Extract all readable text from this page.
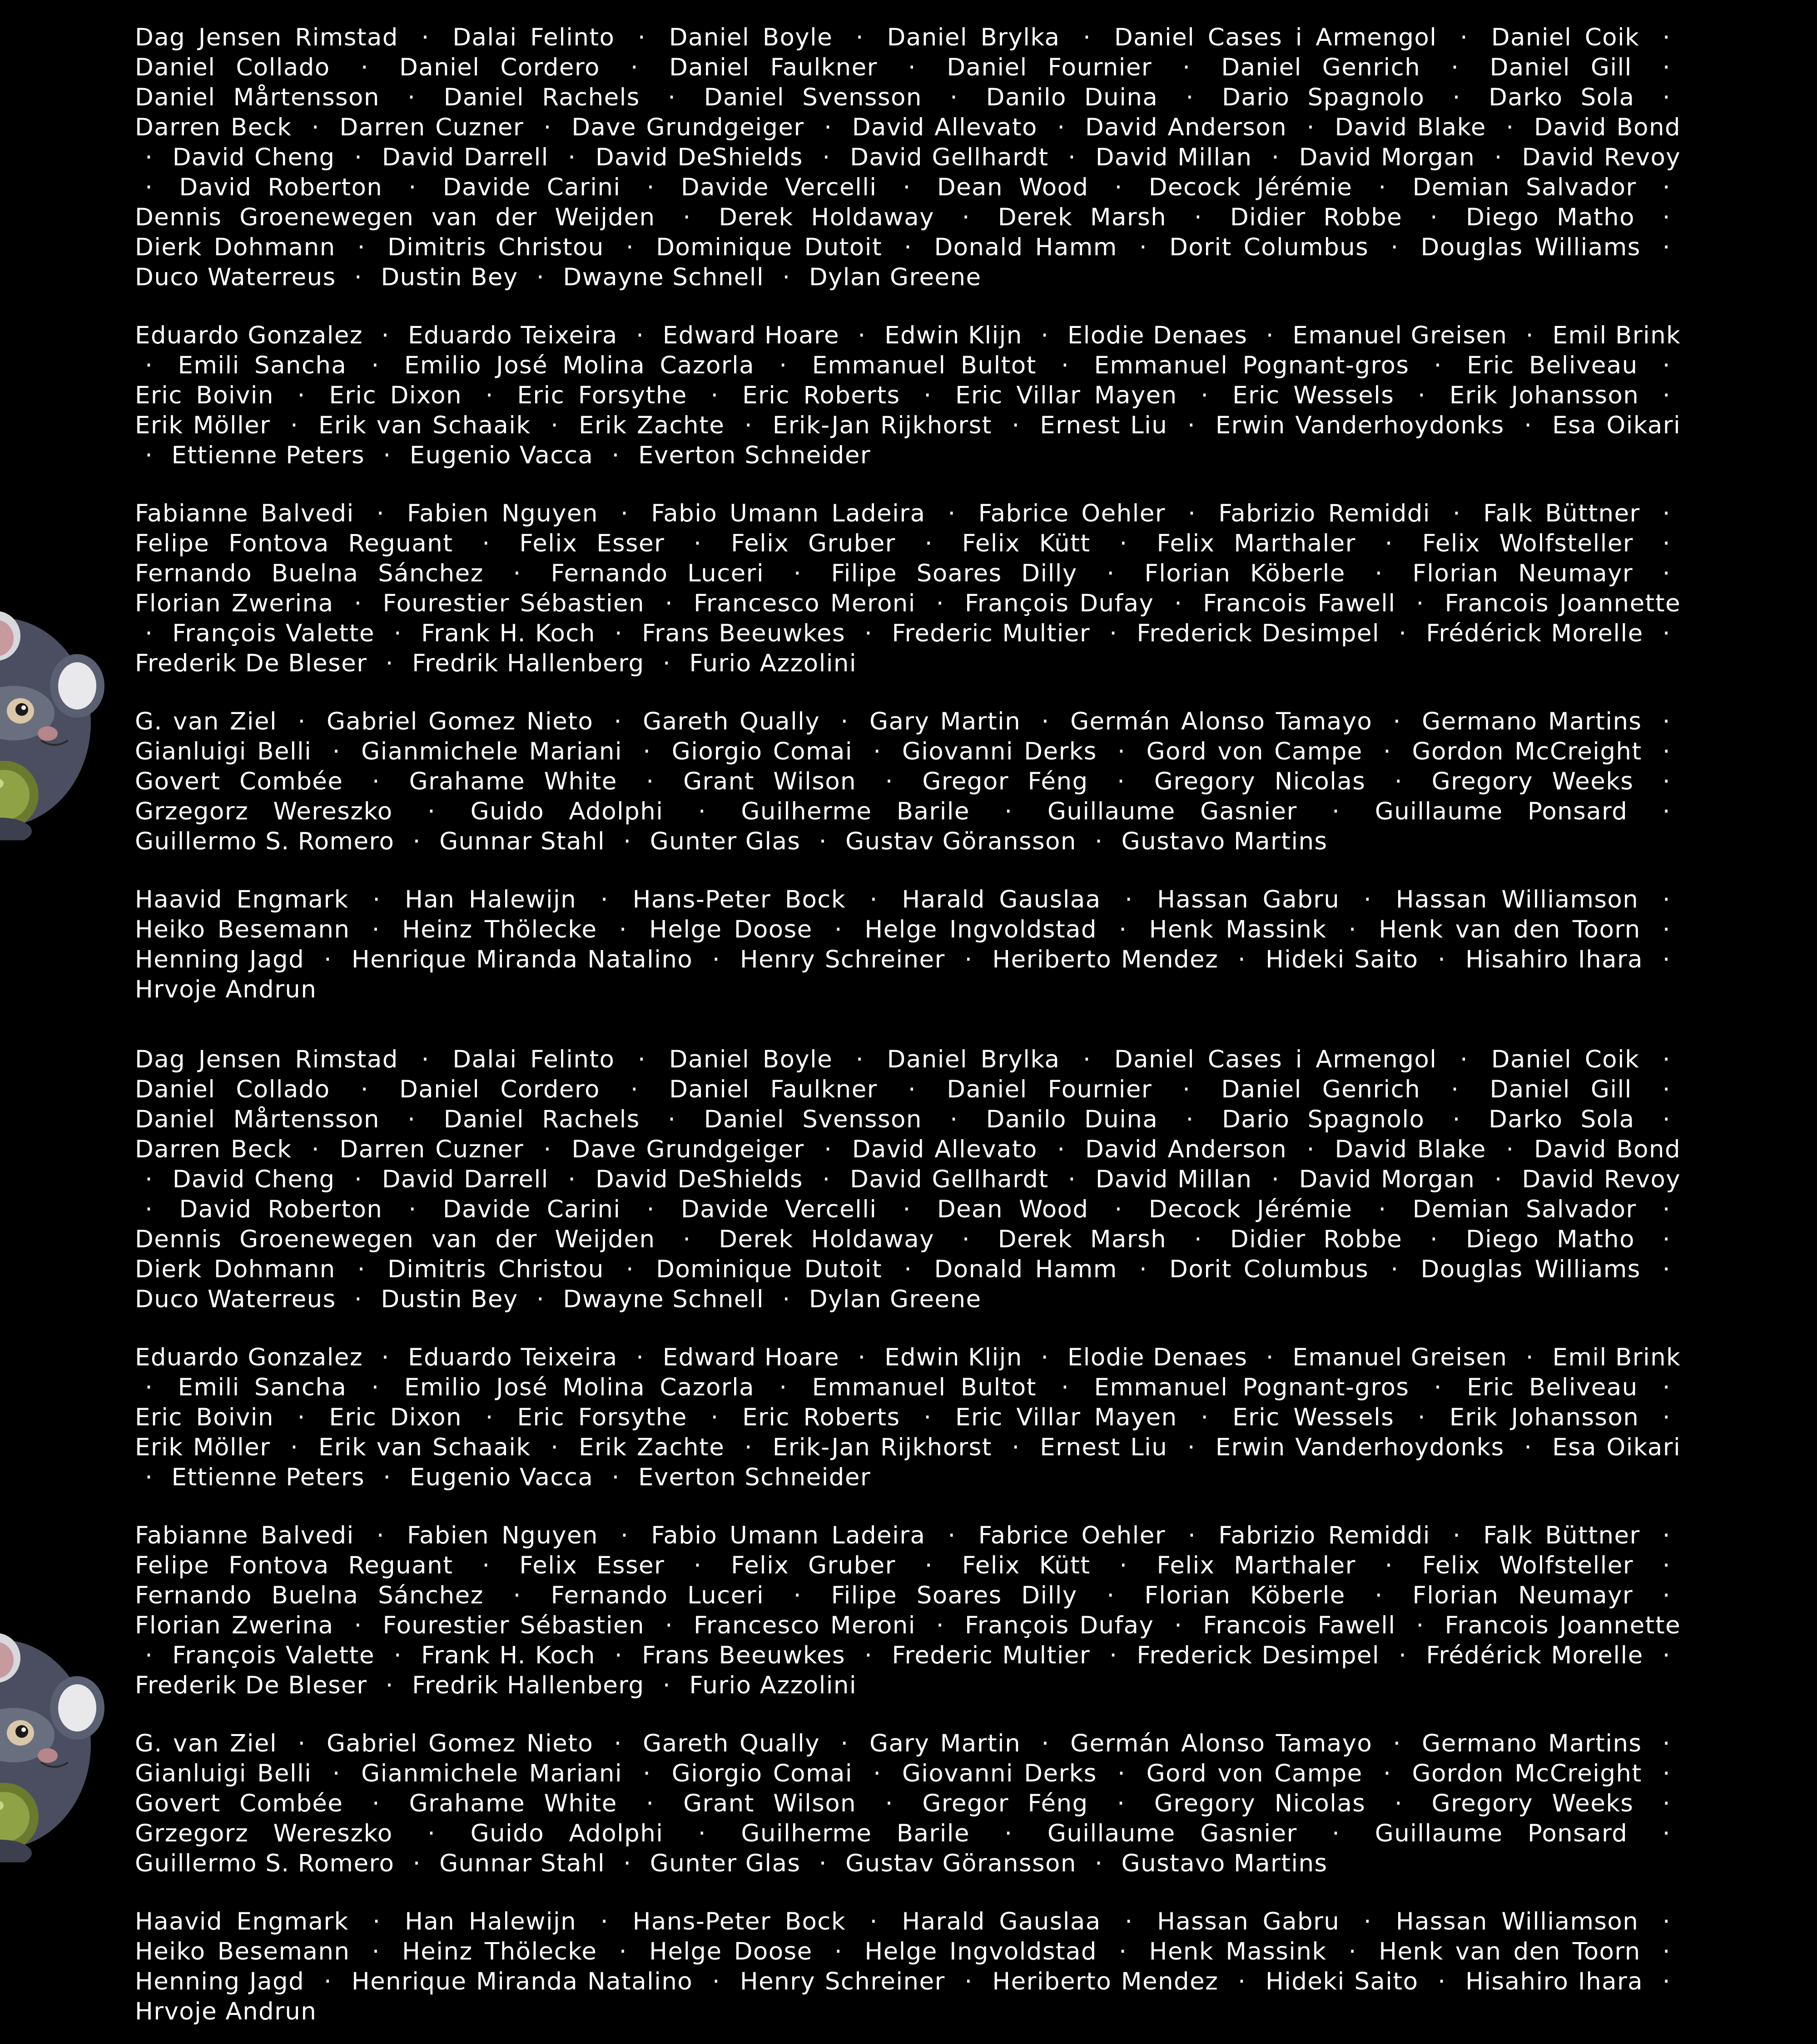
Dag Jensen Rimstad · Dalai Felinto · Daniel Boyle · Daniel Brylka · Daniel Cases i Armengol · Daniel Coik · Daniel Collado · Daniel Cordero · Daniel Faulkner · Daniel Fournier · Daniel Genrich · Daniel Gill · Daniel Mårtensson · Daniel Rachels · Daniel Svensson · Danilo Duina · Dario Spagnolo · Darko Sola · Darren Beck · Darren Cuzner · Dave Grundgeiger · David Allevato · David Anderson · David Blake · David Bond · David Cheng · David Darrell · David DeShields · David Gellhardt · David Millan · David Morgan · David Revoy · David Roberton · Davide Carini · Davide Vercelli · Dean Wood · Decock Jérémie · Demian Salvador · Dennis Groenewegen van der Weijden · Derek Holdaway · Derek Marsh · Didier Robbe · Diego Matho · Dierk Dohmann · Dimitris Christou · Dominique Dutoit · Donald Hamm · Dorit Columbus · Douglas Williams · Duco Waterreus · Dustin Bey · Dwayne Schnell · Dylan Greene
Eduardo Gonzalez · Eduardo Teixeira · Edward Hoare · Edwin Klijn · Elodie Denaes · Emanuel Greisen · Emil Brink · Emili Sancha · Emilio José Molina Cazorla · Emmanuel Bultot · Emmanuel Pognant-gros · Eric Beliveau · Eric Boivin · Eric Dixon · Eric Forsythe · Eric Roberts · Eric Villar Mayen · Eric Wessels · Erik Johansson · Erik Möller · Erik van Schaaik · Erik Zachte · Erik-Jan Rijkhorst · Ernest Liu · Erwin Vanderhoydonks · Esa Oikari · Ettienne Peters · Eugenio Vacca · Everton Schneider
Fabianne Balvedi · Fabien Nguyen · Fabio Umann Ladeira · Fabrice Oehler · Fabrizio Remiddi · Falk Büttner · Felipe Fontova Reguant · Felix Esser · Felix Gruber · Felix Kütt · Felix Marthaler · Felix Wolfsteller · Fernando Buelna Sánchez · Fernando Luceri · Filipe Soares Dilly · Florian Köberle · Florian Neumayr · Florian Zwerina · Fourestier Sébastien · Francesco Meroni · François Dufay · Francois Fawell · Francois Joannette · François Valette · Frank H. Koch · Frans Beeuwkes · Frederic Multier · Frederick Desimpel · Frédérick Morelle · Frederik De Bleser · Fredrik Hallenberg · Furio Azzolini
G. van Ziel · Gabriel Gomez Nieto · Gareth Qually · Gary Martin · Germán Alonso Tamayo · Germano Martins · Gianluigi Belli · Gianmichele Mariani · Giorgio Comai · Giovanni Derks · Gord von Campe · Gordon McCreight · Govert Combée · Grahame White · Grant Wilson · Gregor Féng · Gregory Nicolas · Gregory Weeks · Grzegorz Wereszko · Guido Adolphi · Guilherme Barile · Guillaume Gasnier · Guillaume Ponsard · Guillermo S. Romero · Gunnar Stahl · Gunter Glas · Gustav Göransson · Gustavo Martins
Haavid Engmark · Han Halewijn · Hans-Peter Bock · Harald Gauslaa · Hassan Gabru · Hassan Williamson · Heiko Besemann · Heinz Thölecke · Helge Doose · Helge Ingvoldstad · Henk Massink · Henk van den Toorn · Henning Jagd · Henrique Miranda Natalino · Henry Schreiner · Heriberto Mendez · Hideki Saito · Hisahiro Ihara · Hrvoje Andrun

Dag Jensen Rimstad · Dalai Felinto · Daniel Boyle · Daniel Brylka · Daniel Cases i Armengol · Daniel Coik · Daniel Collado · Daniel Cordero · Daniel Faulkner · Daniel Fournier · Daniel Genrich · Daniel Gill · Daniel Mårtensson · Daniel Rachels · Daniel Svensson · Danilo Duina · Dario Spagnolo · Darko Sola · Darren Beck · Darren Cuzner · Dave Grundgeiger · David Allevato · David Anderson · David Blake · David Bond · David Cheng · David Darrell · David DeShields · David Gellhardt · David Millan · David Morgan · David Revoy · David Roberton · Davide Carini · Davide Vercelli · Dean Wood · Decock Jérémie · Demian Salvador · Dennis Groenewegen van der Weijden · Derek Holdaway · Derek Marsh · Didier Robbe · Diego Matho · Dierk Dohmann · Dimitris Christou · Dominique Dutoit · Donald Hamm · Dorit Columbus · Douglas Williams · Duco Waterreus · Dustin Bey · Dwayne Schnell · Dylan Greene
Eduardo Gonzalez · Eduardo Teixeira · Edward Hoare · Edwin Klijn · Elodie Denaes · Emanuel Greisen · Emil Brink · Emili Sancha · Emilio José Molina Cazorla · Emmanuel Bultot · Emmanuel Pognant-gros · Eric Beliveau · Eric Boivin · Eric Dixon · Eric Forsythe · Eric Roberts · Eric Villar Mayen · Eric Wessels · Erik Johansson · Erik Möller · Erik van Schaaik · Erik Zachte · Erik-Jan Rijkhorst · Ernest Liu · Erwin Vanderhoydonks · Esa Oikari · Ettienne Peters · Eugenio Vacca · Everton Schneider
Fabianne Balvedi · Fabien Nguyen · Fabio Umann Ladeira · Fabrice Oehler · Fabrizio Remiddi · Falk Büttner · Felipe Fontova Reguant · Felix Esser · Felix Gruber · Felix Kütt · Felix Marthaler · Felix Wolfsteller · Fernando Buelna Sánchez · Fernando Luceri · Filipe Soares Dilly · Florian Köberle · Florian Neumayr · Florian Zwerina · Fourestier Sébastien · Francesco Meroni · François Dufay · Francois Fawell · Francois Joannette · François Valette · Frank H. Koch · Frans Beeuwkes · Frederic Multier · Frederick Desimpel · Frédérick Morelle · Frederik De Bleser · Fredrik Hallenberg · Furio Azzolini
G. van Ziel · Gabriel Gomez Nieto · Gareth Qually · Gary Martin · Germán Alonso Tamayo · Germano Martins · Gianluigi Belli · Gianmichele Mariani · Giorgio Comai · Giovanni Derks · Gord von Campe · Gordon McCreight · Govert Combée · Grahame White · Grant Wilson · Gregor Féng · Gregory Nicolas · Gregory Weeks · Grzegorz Wereszko · Guido Adolphi · Guilherme Barile · Guillaume Gasnier · Guillaume Ponsard · Guillermo S. Romero · Gunnar Stahl · Gunter Glas · Gustav Göransson · Gustavo Martins
Haavid Engmark · Han Halewijn · Hans-Peter Bock · Harald Gauslaa · Hassan Gabru · Hassan Williamson · Heiko Besemann · Heinz Thölecke · Helge Doose · Helge Ingvoldstad · Henk Massink · Henk van den Toorn · Henning Jagd · Henrique Miranda Natalino · Henry Schreiner · Heriberto Mendez · Hideki Saito · Hisahiro Ihara · Hrvoje Andrun
